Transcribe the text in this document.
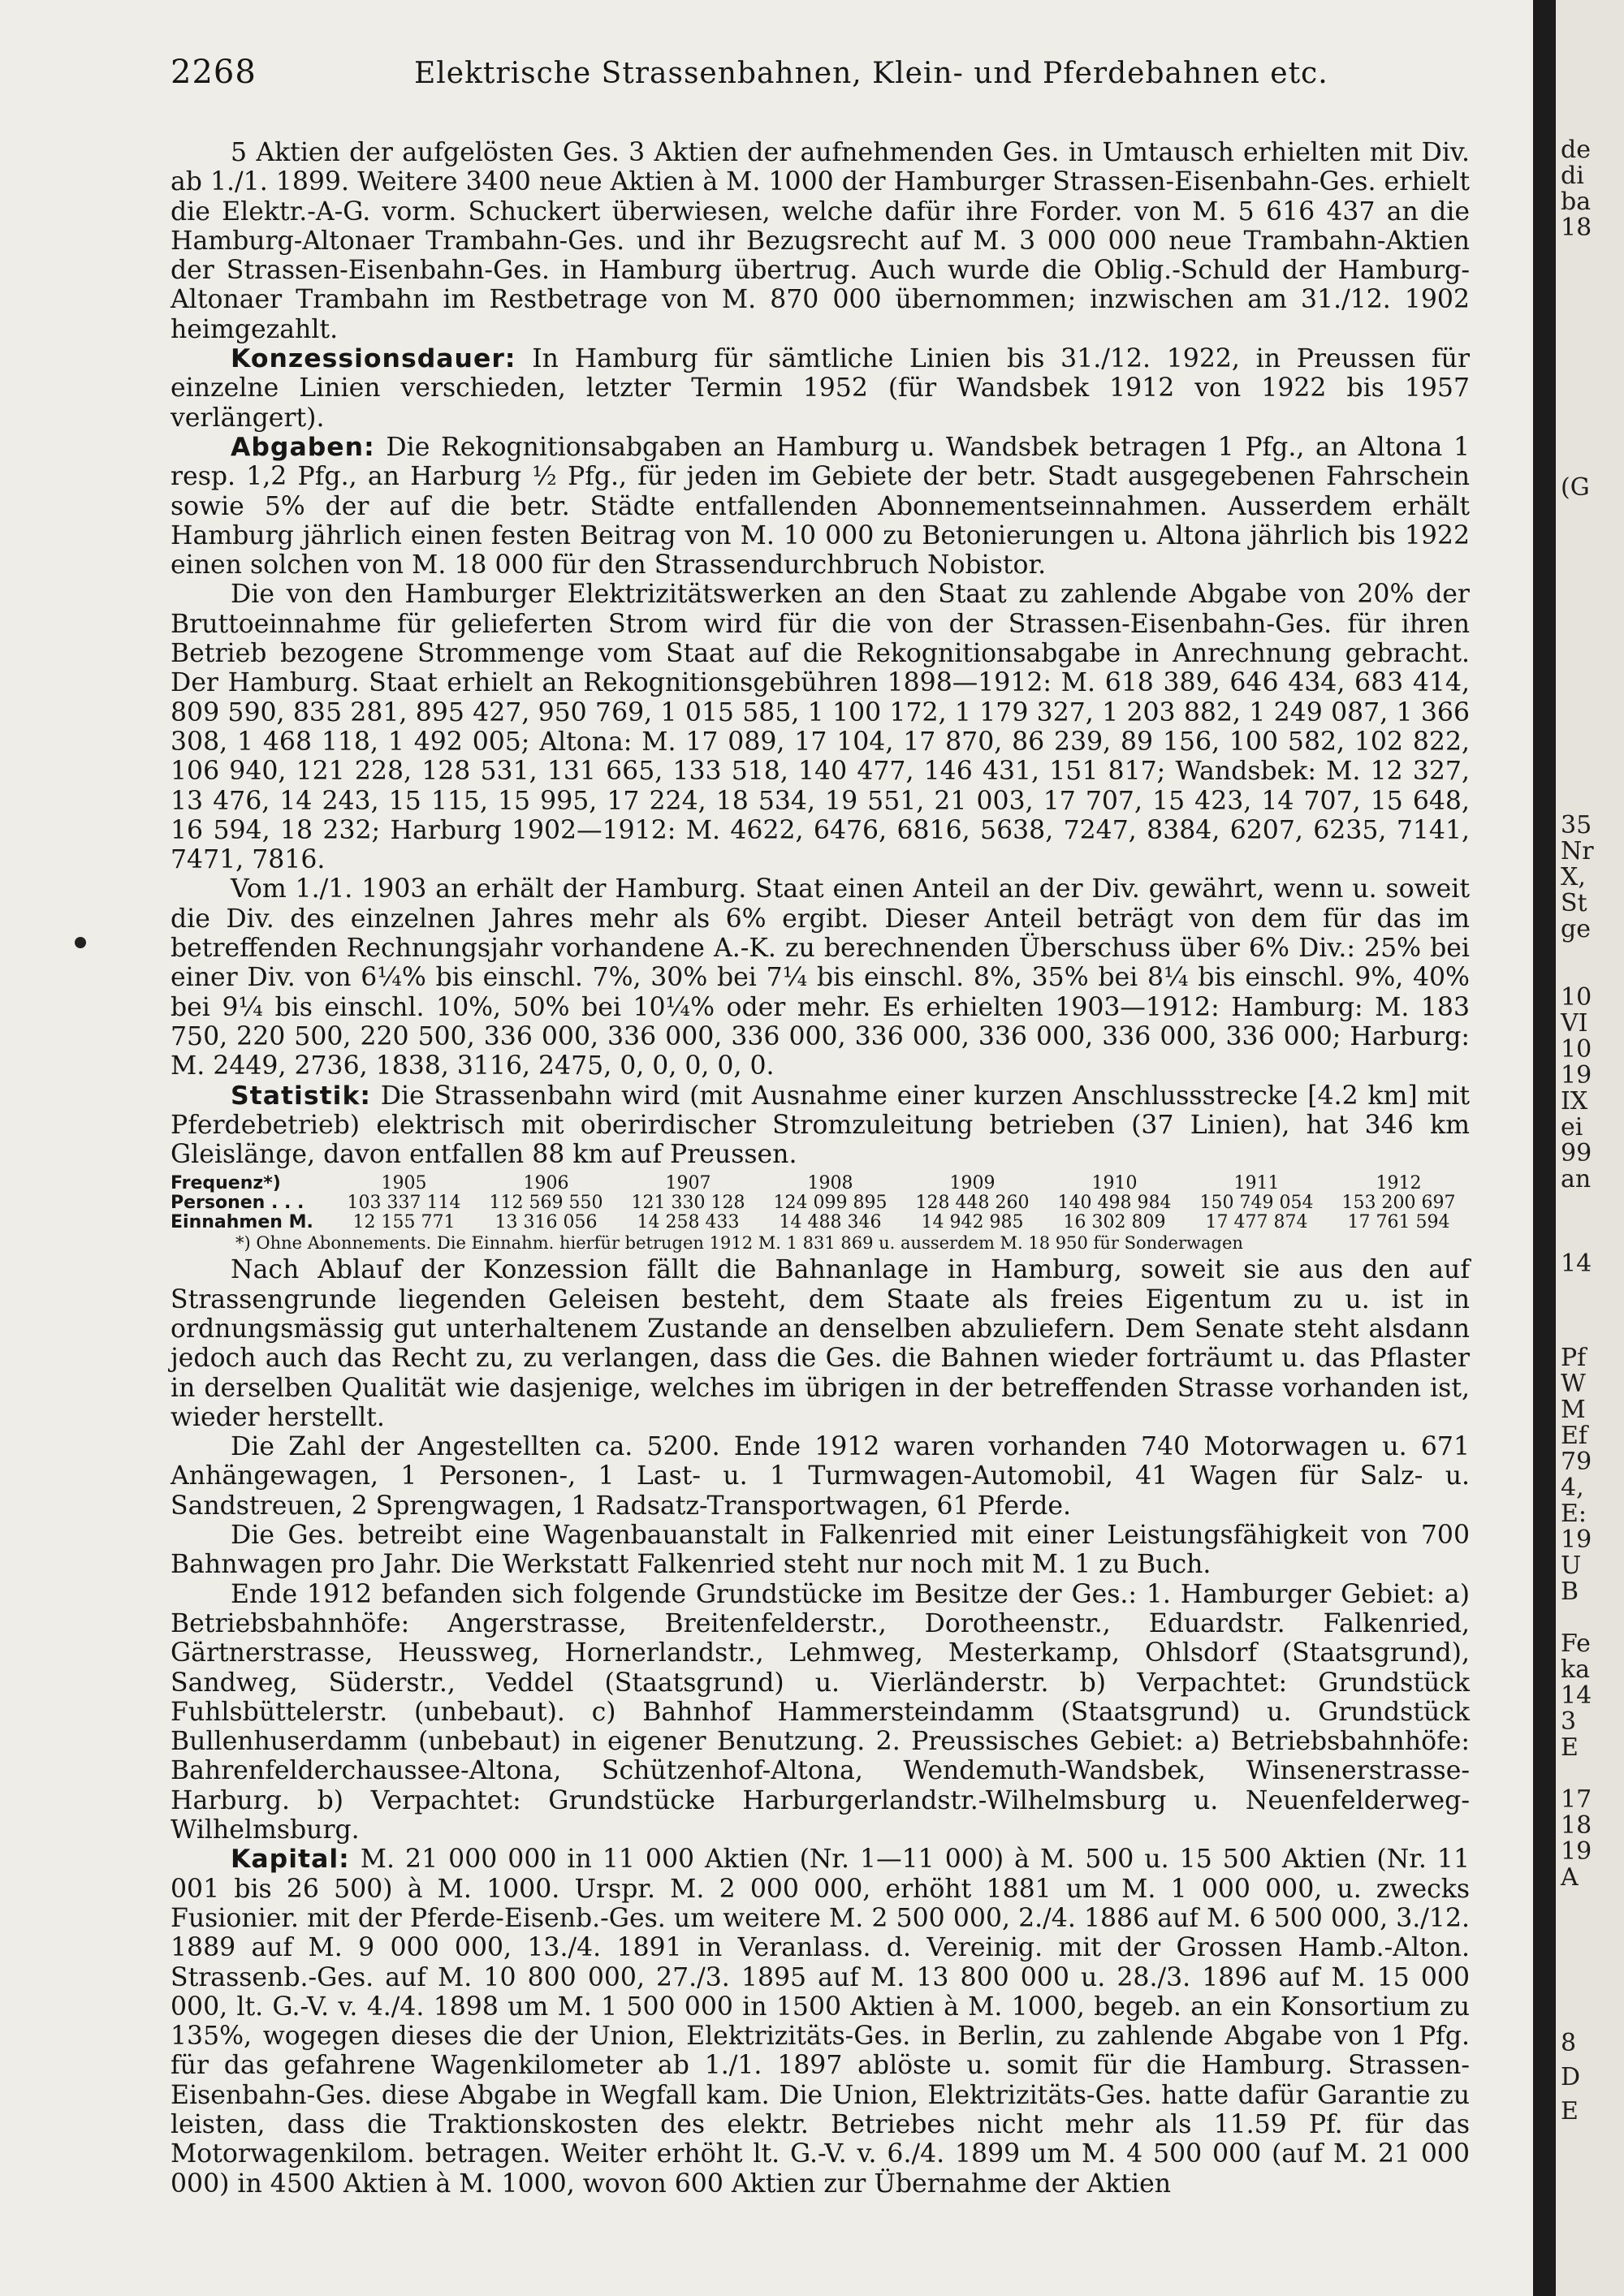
2268	Elektrische Strassenbahnen, Klein- und Pferdebahnen etc.

5 Aktien der aufgelösten Ges. 3 Aktien der aufnehmenden Ges. in Umtausch erhielten mit Div. ab 1./1. 1899. Weitere 3400 neue Aktien à M. 1000 der Hamburger Strassen-Eisenbahn-Ges. erhielt die Elektr.-A-G. vorm. Schuckert überwiesen, welche dafür ihre Forder. von M. 5 616 437 an die Hamburg-Altonaer Trambahn-Ges. und ihr Bezugsrecht auf M. 3 000 000 neue Trambahn-Aktien der Strassen-Eisenbahn-Ges. in Hamburg übertrug. Auch wurde die Oblig.-Schuld der Hamburg-Altonaer Trambahn im Restbetrage von M. 870 000 übernommen; inzwischen am 31./12. 1902 heimgezahlt.

Konzessionsdauer: In Hamburg für sämtliche Linien bis 31./12. 1922, in Preussen für einzelne Linien verschieden, letzter Termin 1952 (für Wandsbek 1912 von 1922 bis 1957 verlängert).

Abgaben: Die Rekognitionsabgaben an Hamburg u. Wandsbek betragen 1 Pfg., an Altona 1 resp. 1,2 Pfg., an Harburg ½ Pfg., für jeden im Gebiete der betr. Stadt ausgegebenen Fahrschein sowie 5% der auf die betr. Städte entfallenden Abonnementseinnahmen. Ausserdem erhält Hamburg jährlich einen festen Beitrag von M. 10 000 zu Betonierungen u. Altona jährlich bis 1922 einen solchen von M. 18 000 für den Strassendurchbruch Nobistor.

Die von den Hamburger Elektrizitätswerken an den Staat zu zahlende Abgabe von 20% der Bruttoeinnahme für gelieferten Strom wird für die von der Strassen-Eisenbahn-Ges. für ihren Betrieb bezogene Strommenge vom Staat auf die Rekognitionsabgabe in Anrechnung gebracht. Der Hamburg. Staat erhielt an Rekognitionsgebühren 1898—1912: M. 618 389, 646 434, 683 414, 809 590, 835 281, 895 427, 950 769, 1 015 585, 1 100 172, 1 179 327, 1 203 882, 1 249 087, 1 366 308, 1 468 118, 1 492 005; Altona: M. 17 089, 17 104, 17 870, 86 239, 89 156, 100 582, 102 822, 106 940, 121 228, 128 531, 131 665, 133 518, 140 477, 146 431, 151 817; Wandsbek: M. 12 327, 13 476, 14 243, 15 115, 15 995, 17 224, 18 534, 19 551, 21 003, 17 707, 15 423, 14 707, 15 648, 16 594, 18 232; Harburg 1902—1912: M. 4622, 6476, 6816, 5638, 7247, 8384, 6207, 6235, 7141, 7471, 7816.

Vom 1./1. 1903 an erhält der Hamburg. Staat einen Anteil an der Div. gewährt, wenn u. soweit die Div. des einzelnen Jahres mehr als 6% ergibt. Dieser Anteil beträgt von dem für das im betreffenden Rechnungsjahr vorhandene A.-K. zu berechnenden Überschuss über 6% Div.: 25% bei einer Div. von 6¼% bis einschl. 7%, 30% bei 7¼ bis einschl. 8%, 35% bei 8¼ bis einschl. 9%, 40% bei 9¼ bis einschl. 10%, 50% bei 10¼% oder mehr. Es erhielten 1903—1912: Hamburg: M. 183 750, 220 500, 220 500, 336 000, 336 000, 336 000, 336 000, 336 000, 336 000, 336 000; Harburg: M. 2449, 2736, 1838, 3116, 2475, 0, 0, 0, 0, 0.

Statistik: Die Strassenbahn wird (mit Ausnahme einer kurzen Anschlussstrecke [4.2 km] mit Pferdebetrieb) elektrisch mit oberirdischer Stromzuleitung betrieben (37 Linien), hat 346 km Gleislänge, davon entfallen 88 km auf Preussen.

Frequenz*)	1905	1906	1907	1908	1909	1910	1911	1912
Personen . . .	103 337 114	112 569 550	121 330 128	124 099 895	128 448 260	140 498 984	150 749 054	153 200 697
Einnahmen M.	12 155 771	13 316 056	14 258 433	14 488 346	14 942 985	16 302 809	17 477 874	17 761 594
*) Ohne Abonnements. Die Einnahm. hierfür betrugen 1912 M. 1 831 869 u. ausserdem M. 18 950 für Sonderwagen

Nach Ablauf der Konzession fällt die Bahnanlage in Hamburg, soweit sie aus den auf Strassengrunde liegenden Geleisen besteht, dem Staate als freies Eigentum zu u. ist in ordnungsmässig gut unterhaltenem Zustande an denselben abzuliefern. Dem Senate steht alsdann jedoch auch das Recht zu, zu verlangen, dass die Ges. die Bahnen wieder forträumt u. das Pflaster in derselben Qualität wie dasjenige, welches im übrigen in der betreffenden Strasse vorhanden ist, wieder herstellt.

Die Zahl der Angestellten ca. 5200. Ende 1912 waren vorhanden 740 Motorwagen u. 671 Anhängewagen, 1 Personen-, 1 Last- u. 1 Turmwagen-Automobil, 41 Wagen für Salz- u. Sandstreuen, 2 Sprengwagen, 1 Radsatz-Transportwagen, 61 Pferde.

Die Ges. betreibt eine Wagenbauanstalt in Falkenried mit einer Leistungsfähigkeit von 700 Bahnwagen pro Jahr. Die Werkstatt Falkenried steht nur noch mit M. 1 zu Buch.

Ende 1912 befanden sich folgende Grundstücke im Besitze der Ges.: 1. Hamburger Gebiet: a) Betriebsbahnhöfe: Angerstrasse, Breitenfelderstr., Dorotheenstr., Eduardstr. Falkenried, Gärtnerstrasse, Heussweg, Hornerlandstr., Lehmweg, Mesterkamp, Ohlsdorf (Staatsgrund), Sandweg, Süderstr., Veddel (Staatsgrund) u. Vierländerstr. b) Verpachtet: Grundstück Fuhlsbüttelerstr. (unbebaut). c) Bahnhof Hammersteindamm (Staatsgrund) u. Grundstück Bullenhuserdamm (unbebaut) in eigener Benutzung. 2. Preussisches Gebiet: a) Betriebsbahnhöfe: Bahrenfelderchaussee-Altona, Schützenhof-Altona, Wendemuth-Wandsbek, Winsenerstrasse-Harburg. b) Verpachtet: Grundstücke Harburgerlandstr.-Wilhelmsburg u. Neuenfelderweg-Wilhelmsburg.

Kapital: M. 21 000 000 in 11 000 Aktien (Nr. 1—11 000) à M. 500 u. 15 500 Aktien (Nr. 11 001 bis 26 500) à M. 1000. Urspr. M. 2 000 000, erhöht 1881 um M. 1 000 000, u. zwecks Fusionier. mit der Pferde-Eisenb.-Ges. um weitere M. 2 500 000, 2./4. 1886 auf M. 6 500 000, 3./12. 1889 auf M. 9 000 000, 13./4. 1891 in Veranlass. d. Vereinig. mit der Grossen Hamb.-Alton. Strassenb.-Ges. auf M. 10 800 000, 27./3. 1895 auf M. 13 800 000 u. 28./3. 1896 auf M. 15 000 000, lt. G.-V. v. 4./4. 1898 um M. 1 500 000 in 1500 Aktien à M. 1000, begeb. an ein Konsortium zu 135%, wogegen dieses die der Union, Elektrizitäts-Ges. in Berlin, zu zahlende Abgabe von 1 Pfg. für das gefahrene Wagenkilometer ab 1./1. 1897 ablöste u. somit für die Hamburg. Strassen-Eisenbahn-Ges. diese Abgabe in Wegfall kam. Die Union, Elektrizitäts-Ges. hatte dafür Garantie zu leisten, dass die Traktionskosten des elektr. Betriebes nicht mehr als 11.59 Pf. für das Motorwagenkilom. betragen. Weiter erhöht lt. G.-V. v. 6./4. 1899 um M. 4 500 000 (auf M. 21 000 000) in 4500 Aktien à M. 1000, wovon 600 Aktien zur Übernahme der Aktien

de
di
ba
18
(G
35
Nr
X,
St
ge
10
VI
10
19
IX
ei
99
an
14
Pf
W
M
Ef
79
4,
E:
19
U
B
Fe
ka
14
3
E
17
18
19
A
8
D
E
